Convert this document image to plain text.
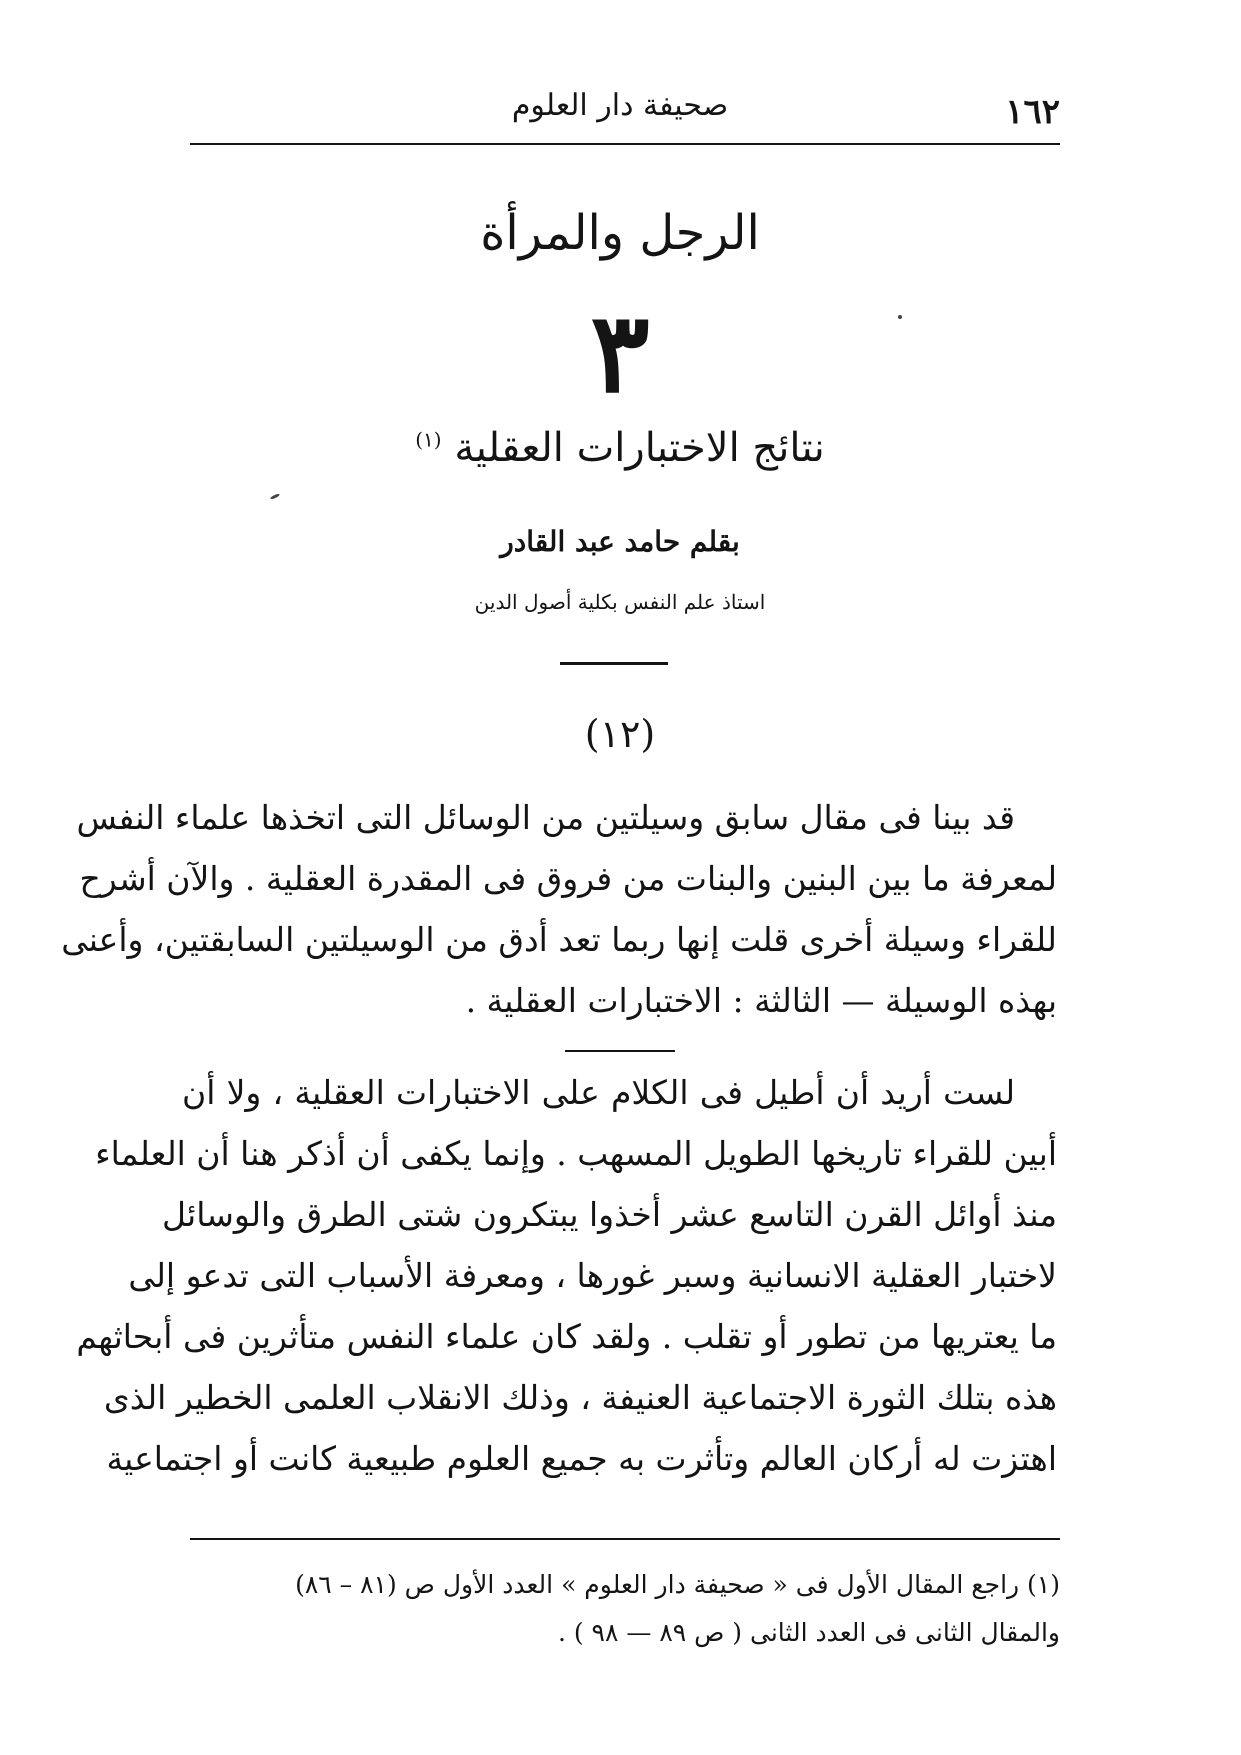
١٦٢
صحيفة دار العلوم
الرجل والمرأة
٣
نتائج الاختبارات العقلية $^{(١)}$
بقلم حامد عبد القادر
استاذ علم النفس بكلية أصول الدين
(١٢)
قد بينا فى مقال سابق وسيلتين من الوسائل التى اتخذها علماء النفس
لمعرفة ما بين البنين والبنات من فروق فى المقدرة العقلية . والآن أشرح
للقراء وسيلة أخرى قلت إنها ربما تعد أدق من الوسيلتين السابقتين، وأعنى
بهذه الوسيلة — الثالثة : الاختبارات العقلية .
لست أريد أن أطيل فى الكلام على الاختبارات العقلية ، ولا أن
أبين للقراء تاريخها الطويل المسهب . وإنما يكفى أن أذكر هنا أن العلماء
منذ أوائل القرن التاسع عشر أخذوا يبتكرون شتى الطرق والوسائل
لاختبار العقلية الانسانية وسبر غورها ، ومعرفة الأسباب التى تدعو إلى
ما يعتريها من تطور أو تقلب . ولقد كان علماء النفس متأثرين فى أبحاثهم
هذه بتلك الثورة الاجتماعية العنيفة ، وذلك الانقلاب العلمى الخطير الذى
اهتزت له أركان العالم وتأثرت به جميع العلوم طبيعية كانت أو اجتماعية
(١) راجع المقال الأول فى « صحيفة دار العلوم » العدد الأول ص (٨١ – ٨٦)
والمقال الثانى فى العدد الثانى ( ص ٨٩ — ٩٨ ) .
